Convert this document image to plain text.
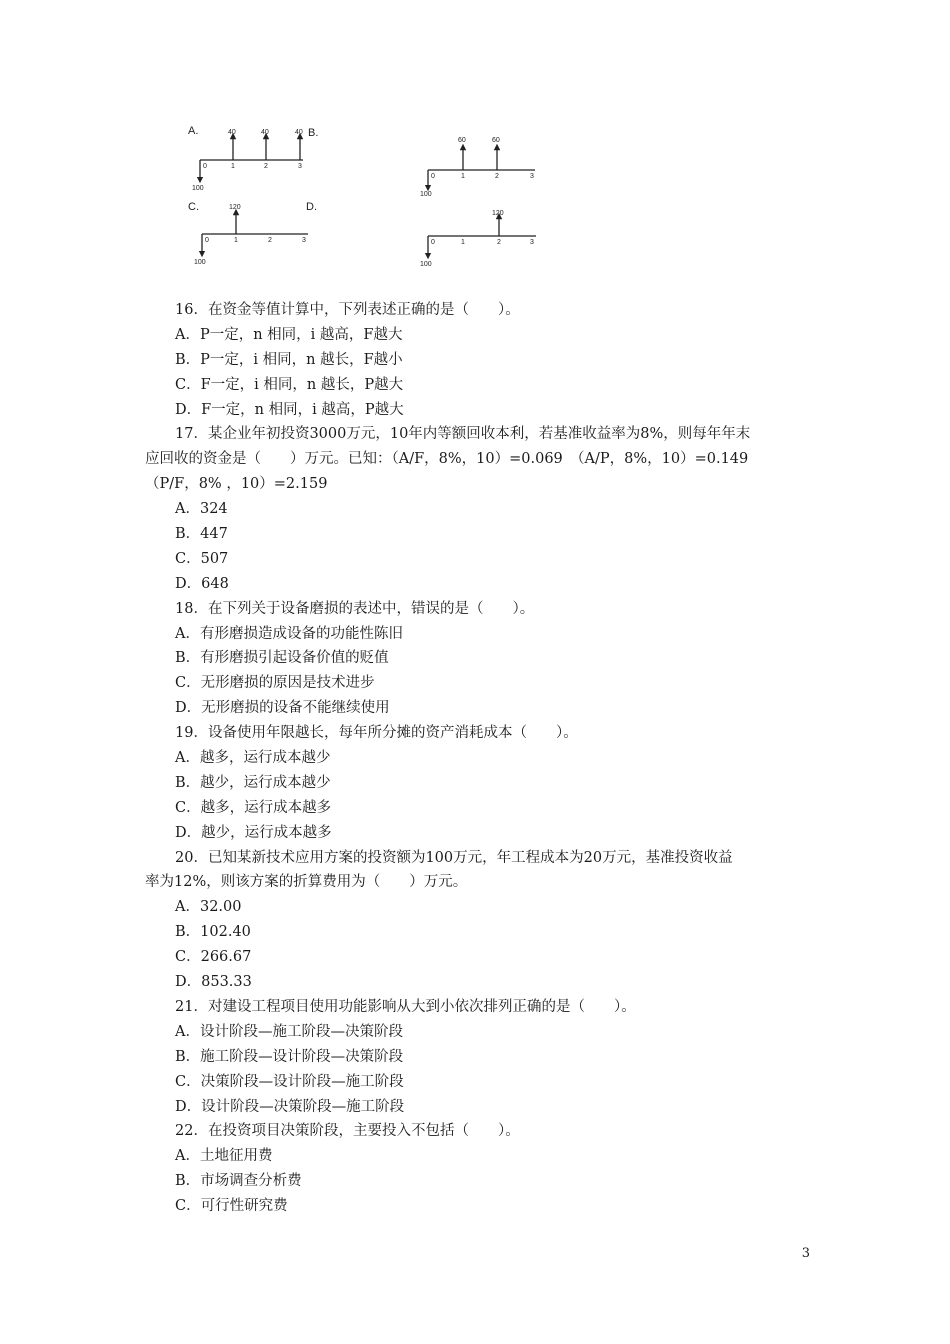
A.	40	40	40
0	1	2	3
100
B.
60	60
0	1	2	3
100
C.	120
0	1	2	3
100
D.
120
0	1	2	3
100
16．在资金等值计算中，下列表述正确的是（　　）。
A．P一定，n 相同，i 越高，F越大
B．P一定，i 相同，n 越长，F越小
C．F一定，i 相同，n 越长，P越大
D．F一定，n 相同，i 越高，P越大
17．某企业年初投资3000万元，10年内等额回收本利，若基准收益率为8%，则每年年末
应回收的资金是（　　）万元。已知：（A/F，8%，10）=0.069　（A/P，8%，10）=0.149
（P/F，8% ，10）=2.159
A．324
B．447
C．507
D．648
18．在下列关于设备磨损的表述中，错误的是（　　）。
A．有形磨损造成设备的功能性陈旧
B．有形磨损引起设备价值的贬值
C．无形磨损的原因是技术进步
D．无形磨损的设备不能继续使用
19．设备使用年限越长，每年所分摊的资产消耗成本（　　）。
A．越多，运行成本越少
B．越少，运行成本越少
C．越多，运行成本越多
D．越少，运行成本越多
20．已知某新技术应用方案的投资额为100万元，年工程成本为20万元，基准投资收益
率为12%，则该方案的折算费用为（　　）万元。
A．32.00
B．102.40
C．266.67
D．853.33
21．对建设工程项目使用功能影响从大到小依次排列正确的是（　　）。
A．设计阶段—施工阶段—决策阶段
B．施工阶段—设计阶段—决策阶段
C．决策阶段—设计阶段—施工阶段
D．设计阶段—决策阶段—施工阶段
22．在投资项目决策阶段，主要投入不包括（　　）。
A．土地征用费
B．市场调查分析费
C．可行性研究费
3
